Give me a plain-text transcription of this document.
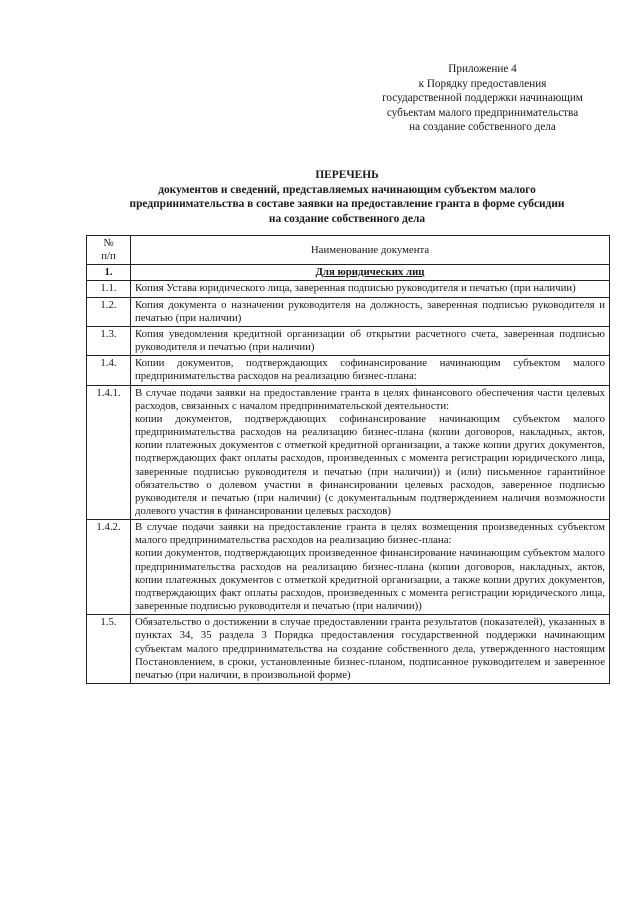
Приложение 4
к Порядку предоставления
государственной поддержки начинающим
субъектам малого предпринимательства
на создание собственного дела
ПЕРЕЧЕНЬ
документов и сведений, представляемых начинающим субъектом малого
предпринимательства в составе заявки на предоставление гранта в форме субсидии
на создание собственного дела
№
п/п	Наименование документа
1.	Для юридических лиц
1.1.	Копия Устава юридического лица, заверенная подписью руководителя и печатью (при наличии)

1.2.	Копия документа о назначении руководителя на должность, заверенная подписью руководителя и печатью (при наличии)

1.3.	Копия уведомления кредитной организации об открытии расчетного счета, заверенная подписью руководителя и печатью (при наличии)

1.4.	Копии документов, подтверждающих софинансирование начинающим субъектом малого предпринимательства расходов на реализацию бизнес-плана:

1.4.1.	В случае подачи заявки на предоставление гранта в целях финансового обеспечения части целевых расходов, связанных с началом предпринимательской деятельности:

копии документов, подтверждающих софинансирование начинающим субъектом малого предпринимательства расходов на реализацию бизнес-плана (копии договоров, накладных, актов, копии платежных документов с отметкой кредитной организации, а также копии других документов, подтверждающих факт оплаты расходов, произведенных с момента регистрации юридического лица, заверенные подписью руководителя и печатью (при наличии)) и (или) письменное гарантийное обязательство о долевом участии в финансировании целевых расходов, заверенное подписью руководителя и печатью (при наличии) (с документальным подтверждением наличия возможности долевого участия в финансировании целевых расходов)

1.4.2.	В случае подачи заявки на предоставление гранта в целях возмещения произведенных субъектом малого предпринимательства расходов на реализацию бизнес-плана:

копии документов, подтверждающих произведенное финансирование начинающим субъектом малого предпринимательства расходов на реализацию бизнес-плана (копии договоров, накладных, актов, копии платежных документов с отметкой кредитной организации, а также копии других документов, подтверждающих факт оплаты расходов, произведенных с момента регистрации юридического лица, заверенные подписью руководителя и печатью (при наличии))

1.5.	Обязательство о достижении в случае предоставлении гранта результатов (показателей), указанных в пунктах 34, 35 раздела 3 Порядка предоставления государственной поддержки начинающим субъектам малого предпринимательства на создание собственного дела, утвержденного настоящим Постановлением, в сроки, установленные бизнес-планом, подписанное руководителем и заверенное печатью (при наличии, в произвольной форме)
